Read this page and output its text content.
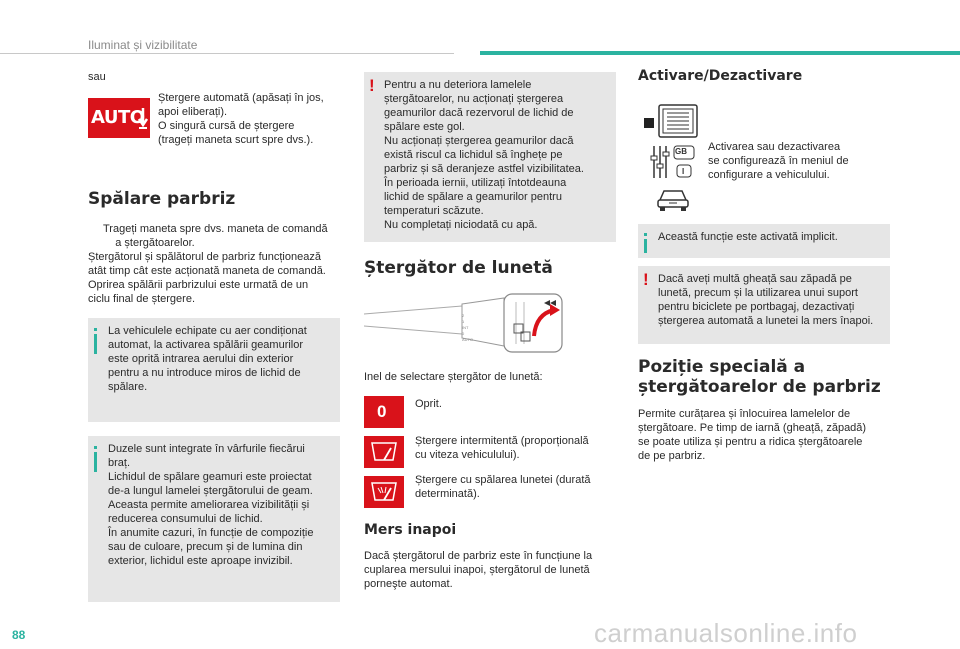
Iluminat și vizibilitate
sau
AUTO
Ștergere automată (apăsați în jos,
apoi eliberați).
O singură cursă de ștergere
(trageți maneta scurt spre dvs.).
Spălare parbriz
Trageți maneta spre dvs. maneta de comandă
a ștergătoarelor.
Ștergătorul și spălătorul de parbriz funcționează
atât timp cât este acționată maneta de comandă.
Oprirea spălării parbrizului este urmată de un
ciclu final de ștergere.
La vehiculele echipate cu aer condiționat
automat, la activarea spălării geamurilor
este oprită intrarea aerului din exterior
pentru a nu introduce miros de lichid de
spălare.
Duzele sunt integrate în vârfurile fiecărui
braț.
Lichidul de spălare geamuri este proiectat
de-a lungul lamelei ștergătorului de geam.
Aceasta permite ameliorarea vizibilității și
reducerea consumului de lichid.
În anumite cazuri, în funcție de compoziție
sau de culoare, precum și de lumina din
exterior, lichidul este aproape invizibil.
! Pentru a nu deteriora lamelele
ștergătoarelor, nu acționați ștergerea
geamurilor dacă rezervorul de lichid de
spălare este gol.
Nu acționați ștergerea geamurilor dacă
există riscul ca lichidul să înghețe pe
parbriz și să deranjeze astfel vizibilitatea.
În perioada iernii, utilizați întotdeauna
lichid de spălare a geamurilor pentru
temperaturi scăzute.
Nu completați niciodată cu apă.
Ștergător de lunetă
2
1
INT
0
AUTO
Inel de selectare ștergător de lunetă:
0	Oprit.
Ștergere intermitentă (proporțională
cu viteza vehiculului).
Ștergere cu spălarea lunetei (durată
determinată).
Mers inapoi
Dacă ștergătorul de parbriz este în funcțiune la
cuplarea mersului inapoi, ștergătorul de lunetă
porneşte automat.
Activare/Dezactivare
GB
I
Activarea sau dezactivarea
se configurează în meniul de
configurare a vehiculului.
Această funcție este activată implicit.
! Dacă aveți multă gheață sau zăpadă pe
lunetă, precum și la utilizarea unui suport
pentru biciclete pe portbagaj, dezactivați
ștergerea automată a lunetei la mers înapoi.
Poziție specială a
ștergătoarelor de parbriz
Permite curățarea și înlocuirea lamelelor de
ștergătoare. Pe timp de iarnă (gheață, zăpadă)
se poate utiliza și pentru a ridica ștergătoarele
de pe parbriz.
88	carmanualsonline.info
